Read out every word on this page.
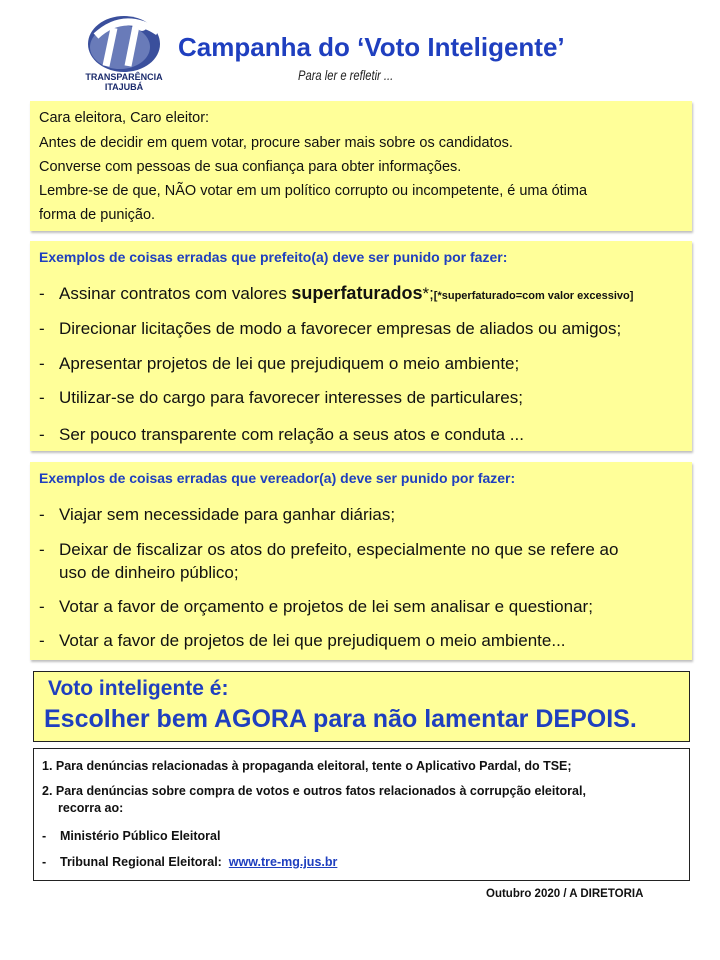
TRANSPARÊNCIA
ITAJUBÁ
Campanha do ‘Voto Inteligente’
Para ler e refletir ...

Cara eleitora, Caro eleitor:

Antes de decidir em quem votar, procure saber mais sobre os candidatos.

Converse com pessoas de sua confiança para obter informações.

Lembre-se de que, NÃO votar em um político corrupto ou incompetente, é uma ótima

forma de punição.

Exemplos de coisas erradas que prefeito(a) deve ser punido por fazer:

- Assinar contratos com valores superfaturados*;[*superfaturado=com valor excessivo]

- Direcionar licitações de modo a favorecer empresas de aliados ou amigos;

- Apresentar projetos de lei que prejudiquem o meio ambiente;

- Utilizar-se do cargo para favorecer interesses de particulares;

- Ser pouco transparente com relação a seus atos e conduta ...

Exemplos de coisas erradas que vereador(a) deve ser punido por fazer:

- Viajar sem necessidade para ganhar diárias;

- Deixar de fiscalizar os atos do prefeito, especialmente no que se refere ao

uso de dinheiro público;

- Votar a favor de orçamento e projetos de lei sem analisar e questionar;

- Votar a favor de projetos de lei que prejudiquem o meio ambiente...

Voto inteligente é:
Escolher bem AGORA para não lamentar DEPOIS.

1. Para denúncias relacionadas à propaganda eleitoral, tente o Aplicativo Pardal, do TSE;

2. Para denúncias sobre compra de votos e outros fatos relacionados à corrupção eleitoral,

recorra ao:

- Ministério Público Eleitoral

- Tribunal Regional Eleitoral: www.tre-mg.jus.br

Outubro 2020 / A DIRETORIA
